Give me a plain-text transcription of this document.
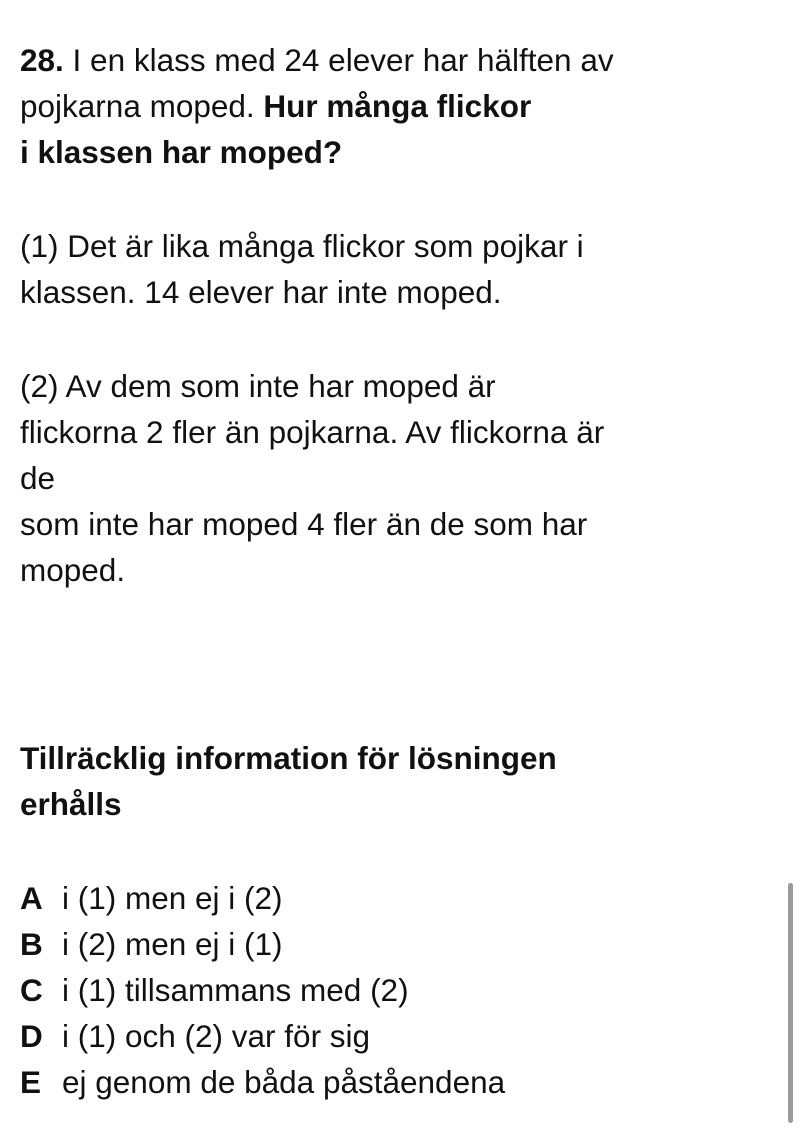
28. I en klass med 24 elever har hälften av
pojkarna moped. Hur många flickor
i klassen har moped?
(1) Det är lika många flickor som pojkar i
klassen. 14 elever har inte moped.
(2) Av dem som inte har moped är
flickorna 2 fler än pojkarna. Av flickorna är
de
som inte har moped 4 fler än de som har
moped.
Tillräcklig information för lösningen
erhålls
A i (1) men ej i (2)
B i (2) men ej i (1)
C i (1) tillsammans med (2)
D i (1) och (2) var för sig
E ej genom de båda påståendena
